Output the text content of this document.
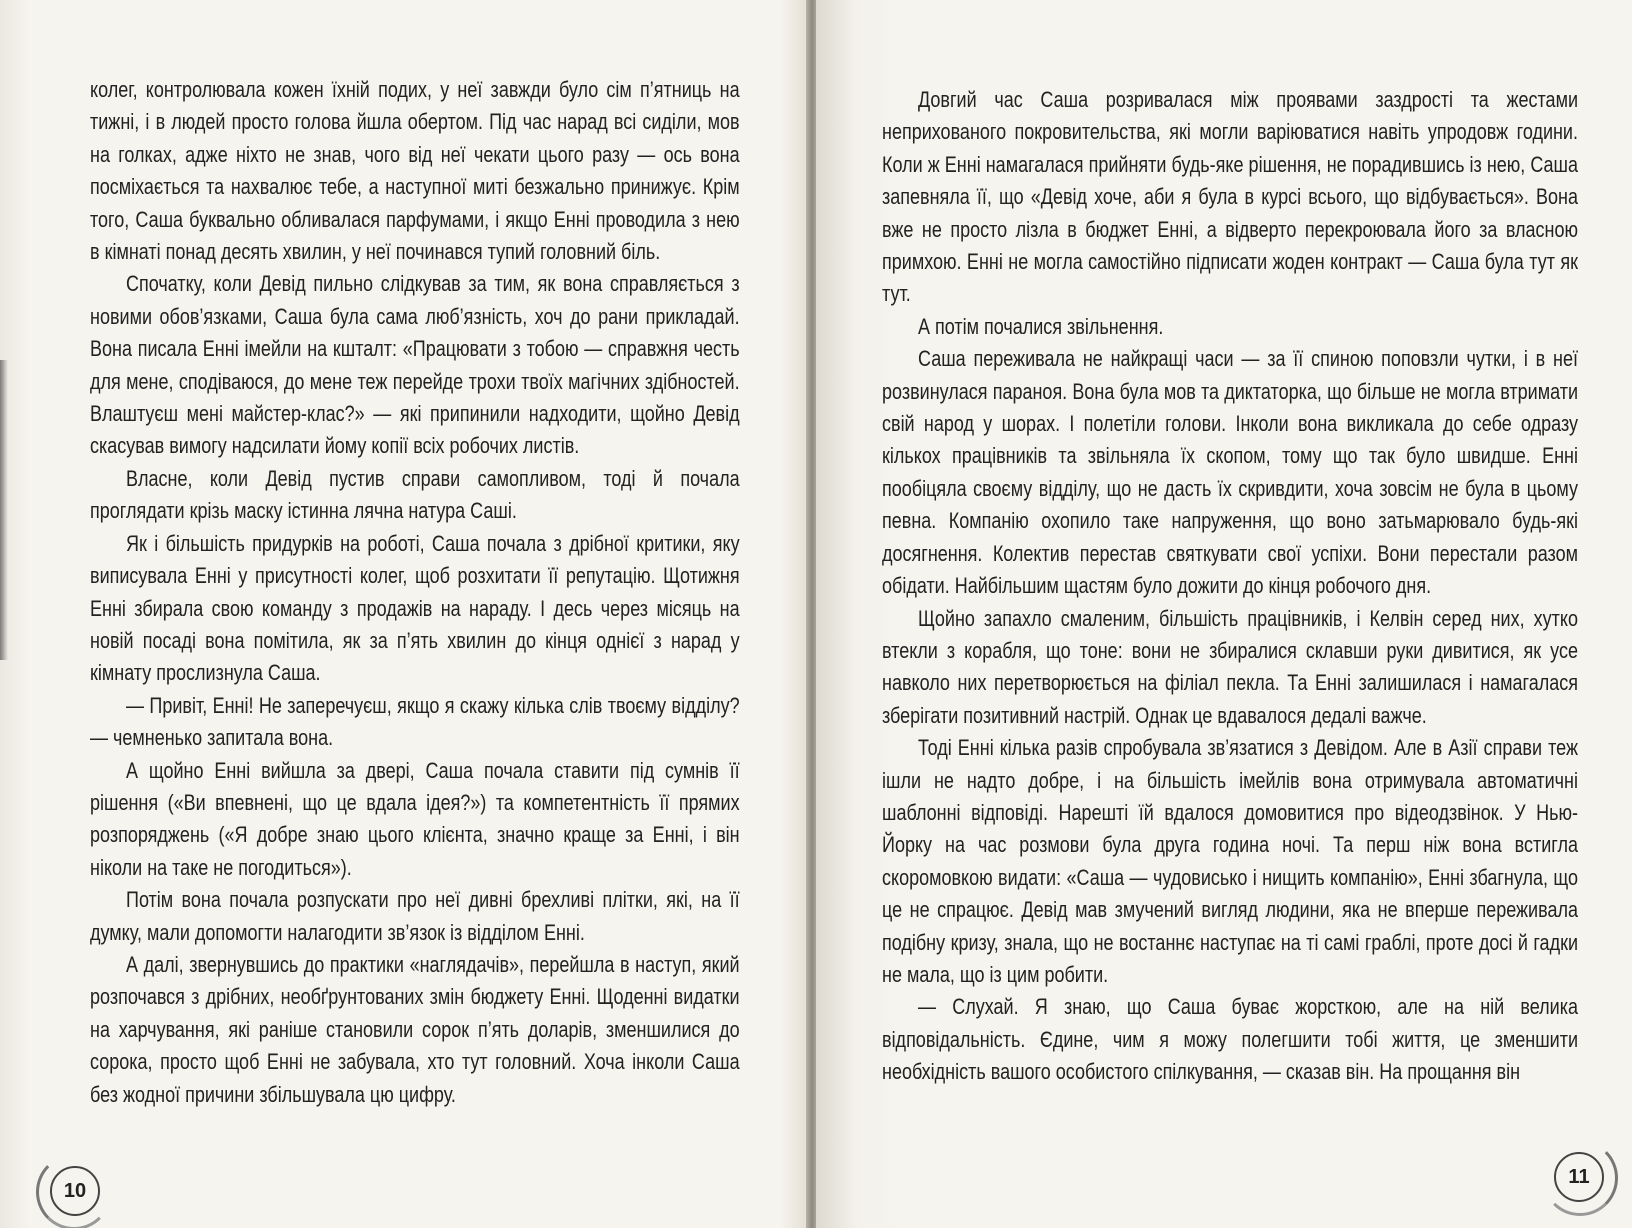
колег, контролювала кожен їхній подих, у неї завжди було сім п’ятниць на тижні, і в людей просто голова йшла обертом. Під час нарад всі сиділи, мов на голках, адже ніхто не знав, чого від неї чекати цього разу — ось вона посміхається та нахвалює тебе, а наступної миті безжально принижує. Крім того, Саша буквально обливалася парфумами, і якщо Енні проводила з нею в кімнаті понад десять хвилин, у неї починався тупий головний біль.

Спочатку, коли Девід пильно слідкував за тим, як вона справляється з новими обов’язками, Саша була сама люб’язність, хоч до рани прикладай. Вона писала Енні імейли на кшталт: «Працювати з тобою — справжня честь для мене, сподіваюся, до мене теж перейде трохи твоїх магічних здібностей. Влаштуєш мені майстер-клас?» — які припинили надходити, щойно Девід скасував вимогу надсилати йому копії всіх робочих листів.

Власне, коли Девід пустив справи самопливом, тоді й почала проглядати крізь маску істинна лячна натура Саші.

Як і більшість придурків на роботі, Саша почала з дрібної критики, яку виписувала Енні у присутності колег, щоб розхитати її репутацію. Щотижня Енні збирала свою команду з продажів на нараду. І десь через місяць на новій посаді вона помітила, як за п’ять хвилин до кінця однієї з нарад у кімнату прослизнула Саша.

— Привіт, Енні! Не заперечуєш, якщо я скажу кілька слів твоєму відділу? — чемненько запитала вона.

А щойно Енні вийшла за двері, Саша почала ставити під сумнів її рішення («Ви впевнені, що це вдала ідея?») та компетентність її прямих розпоряджень («Я добре знаю цього клієнта, значно краще за Енні, і він ніколи на таке не погодиться»).

Потім вона почала розпускати про неї дивні брехливі плітки, які, на її думку, мали допомогти налагодити зв’язок із відділом Енні.

А далі, звернувшись до практики «наглядачів», перейшла в наступ, який розпочався з дрібних, необґрунтованих змін бюджету Енні. Щоденні видатки на харчування, які раніше становили сорок п’ять доларів, зменшилися до сорока, просто щоб Енні не забувала, хто тут головний. Хоча інколи Саша без жодної причини збільшувала цю цифру.

10

Довгий час Саша розривалася між проявами заздрості та жестами неприхованого покровительства, які могли варіюватися навіть упродовж години. Коли ж Енні намагалася прийняти будь-яке рішення, не порадившись із нею, Саша запевняла її, що «Девід хоче, аби я була в курсі всього, що відбувається». Вона вже не просто лізла в бюджет Енні, а відверто перекроювала його за власною примхою. Енні не могла самостійно підписати жоден контракт — Саша була тут як тут.

А потім почалися звільнення.

Саша переживала не найкращі часи — за її спиною поповзли чутки, і в неї розвинулася параноя. Вона була мов та диктаторка, що більше не могла втримати свій народ у шорах. І полетіли голови. Інколи вона викликала до себе одразу кількох працівників та звільняла їх скопом, тому що так було швидше. Енні пообіцяла своєму відділу, що не дасть їх скривдити, хоча зовсім не була в цьому певна. Компанію охопило таке напруження, що воно затьмарювало будь-які досягнення. Колектив перестав святкувати свої успіхи. Вони перестали разом обідати. Найбільшим щастям було дожити до кінця робочого дня.

Щойно запахло смаленим, більшість працівників, і Келвін серед них, хутко втекли з корабля, що тоне: вони не збиралися склавши руки дивитися, як усе навколо них перетворюється на філіал пекла. Та Енні залишилася і намагалася зберігати позитивний настрій. Однак це вдавалося дедалі важче.

Тоді Енні кілька разів спробувала зв’язатися з Девідом. Але в Азії справи теж ішли не надто добре, і на більшість імейлів вона отримувала автоматичні шаблонні відповіді. Нарешті їй вдалося домовитися про відеодзвінок. У Нью-Йорку на час розмови була друга година ночі. Та перш ніж вона встигла скоромовкою видати: «Саша — чудовисько і нищить компанію», Енні збагнула, що це не спрацює. Девід мав змучений вигляд людини, яка не вперше переживала подібну кризу, знала, що не востаннє наступає на ті самі граблі, проте досі й гадки не мала, що із цим робити.

— Слухай. Я знаю, що Саша буває жорсткою, але на ній велика відповідальність. Єдине, чим я можу полегшити тобі життя, це зменшити необхідність вашого особистого спілкування, — сказав він. На прощання він

11
